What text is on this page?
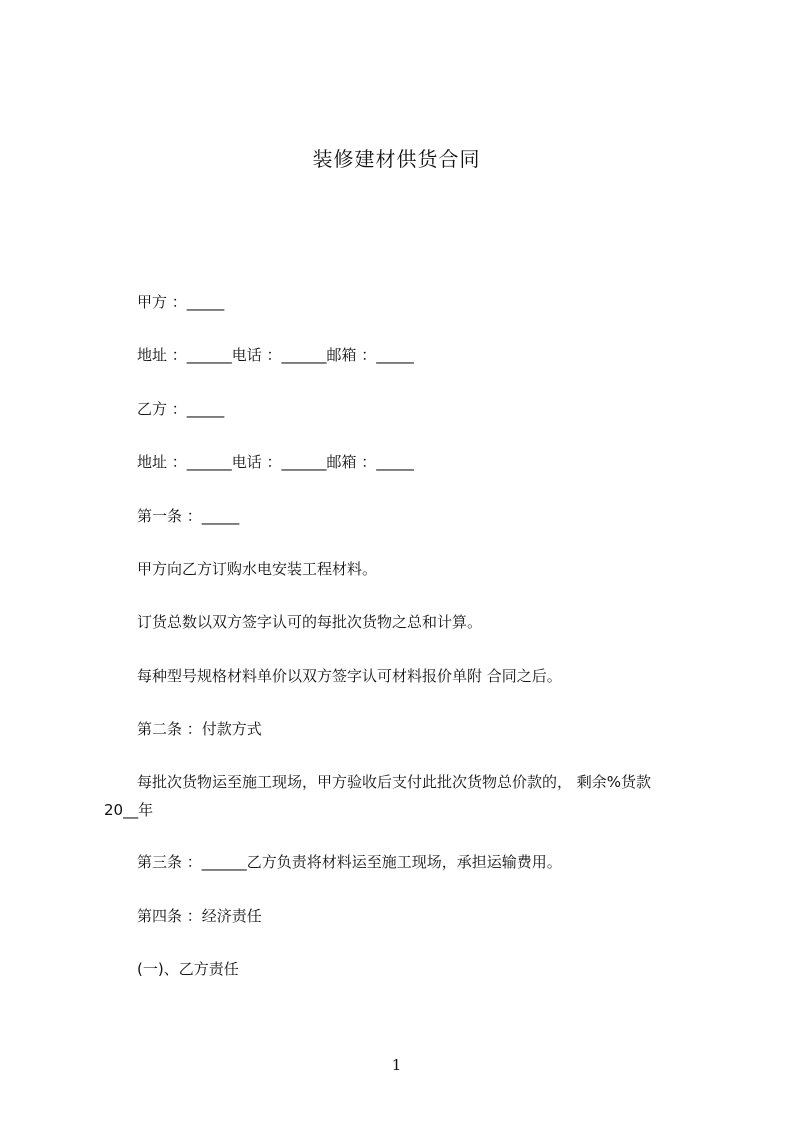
装修建材供货合同
甲方 ：_____
地址 ：______电话 ：______邮箱 ：_____
乙方 ：_____
地址 ：______电话 ：______邮箱 ：_____
第一条 ：_____
甲方向乙方订购水电安装工程材料。
订货总数以双方签字认可的每批次货物之总和计算。
每种型号规格材料单价以双方签字认可材料报价单附 合同之后。
第二条 ：付款方式
每批次货物运至施工现场，甲方验收后支付此批次货物总价款的， 剩余%货款
20__年
第三条 ：______乙方负责将材料运至施工现场，承担运输费用。
第四条 ：经济责任
(一)、乙方责任
1
